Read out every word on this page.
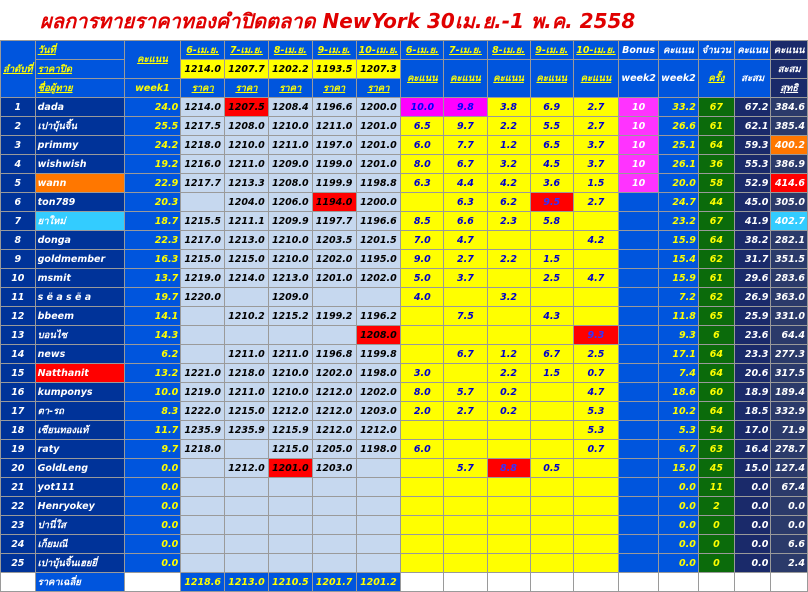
ผลการทายราคาทองคำปิดตลาด NewYork 30เม.ย.-1 พ.ค. 2558
ลำดับที่	วันที่	คะแนน	6-เม.ย.	7-เม.ย.	8-เม.ย.	9-เม.ย.	10-เม.ย.	6-เม.ย.	7-เม.ย.	8-เม.ย.	9-เม.ย.	10-เม.ย.	Bonus	คะแนน	จำนวน	คะแนน	คะแนน
	ราคาปิด		1214.0	1207.7	1202.2	1193.5	1207.3	คะแนน	คะแนน	คะแนน	คะแนน	คะแนน	week2	week2	ครั้ง	สะสม	สะสม
	ชื่อผู้ทาย	week1	ราคา	ราคา	ราคา	ราคา	ราคา										สุทธิ
1	dada	24.0	1214.0	1207.5	1208.4	1196.6	1200.0	10.0	9.8	3.8	6.9	2.7	10	33.2	67	67.2	384.6
2	เปาบุ้นจิ้น	25.5	1217.5	1208.0	1210.0	1211.0	1201.0	6.5	9.7	2.2	5.5	2.7	10	26.6	61	62.1	385.4
3	primmy	24.2	1218.0	1210.0	1211.0	1197.0	1201.0	6.0	7.7	1.2	6.5	3.7	10	25.1	64	59.3	400.2
4	wishwish	19.2	1216.0	1211.0	1209.0	1199.0	1201.0	8.0	6.7	3.2	4.5	3.7	10	26.1	36	55.3	386.9
5	wann	22.9	1217.7	1213.3	1208.0	1199.9	1198.8	6.3	4.4	4.2	3.6	1.5	10	20.0	58	52.9	414.6
6	ton789	20.3		1204.0	1206.0	1194.0	1200.0		6.3	6.2	9.5	2.7		24.7	44	45.0	305.0
7	ยาใหม่	18.7	1215.5	1211.1	1209.9	1197.7	1196.6	8.5	6.6	2.3	5.8			23.2	67	41.9	402.7
8	donga	22.3	1217.0	1213.0	1210.0	1203.5	1201.5	7.0	4.7			4.2		15.9	64	38.2	282.1
9	goldmember	16.3	1215.0	1215.0	1210.0	1202.0	1195.0	9.0	2.7	2.2	1.5			15.4	62	31.7	351.5
10	msmit	13.7	1219.0	1214.0	1213.0	1201.0	1202.0	5.0	3.7		2.5	4.7		15.9	61	29.6	283.6
11	s ë a s ë a	19.7	1220.0		1209.0			4.0		3.2				7.2	62	26.9	363.0
12	bbeem	14.1		1210.2	1215.2	1199.2	1196.2		7.5		4.3			11.8	65	25.9	331.0
13	บอนไซ	14.3					1208.0					9.3		9.3	6	23.6	64.4
14	news	6.2		1211.0	1211.0	1196.8	1199.8		6.7	1.2	6.7	2.5		17.1	64	23.3	277.3
15	Natthanit	13.2	1221.0	1218.0	1210.0	1202.0	1198.0	3.0		2.2	1.5	0.7		7.4	64	20.6	317.5
16	kumponys	10.0	1219.0	1211.0	1210.0	1212.0	1202.0	8.0	5.7	0.2		4.7		18.6	60	18.9	189.4
17	ตา-รถ	8.3	1222.0	1215.0	1212.0	1212.0	1203.0	2.0	2.7	0.2		5.3		10.2	64	18.5	332.9
18	เซียนทองแท้	11.7	1235.9	1235.9	1215.9	1212.0	1212.0					5.3		5.3	54	17.0	71.9
19	raty	9.7	1218.0		1215.0	1205.0	1198.0	6.0				0.7		6.7	63	16.4	278.7
20	GoldLeng	0.0		1212.0	1201.0	1203.0			5.7	8.8	0.5			15.0	45	15.0	127.4
21	yot111	0.0												0.0	11	0.0	67.4
22	Henryokey	0.0												0.0	2	0.0	0.0
23	ปานี่ใส	0.0												0.0	0	0.0	0.0
24	เก็ยมณี	0.0												0.0	0	0.0	6.6
25	เปาบุ้นจิ้นเฮยยี่	0.0												0.0	0	0.0	2.4
	ราคาเฉลี่ย		1218.6	1213.0	1210.5	1201.7	1201.2										
